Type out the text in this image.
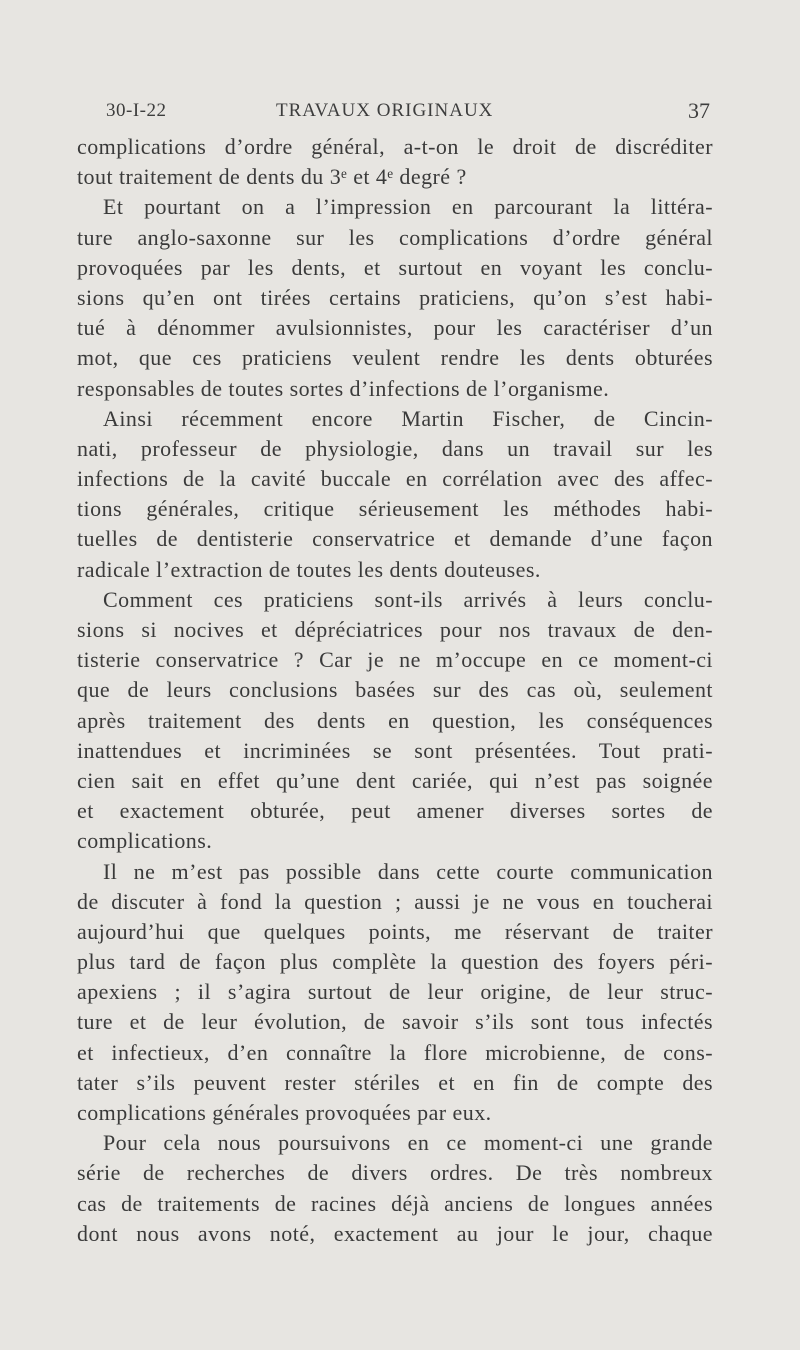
30-I-22	TRAVAUX ORIGINAUX	37
complications d’ordre général, a-t-on le droit de discréditer
tout traitement de dents du 3ᵉ et 4ᵉ degré ?
Et pourtant on a l’impression en parcourant la littéra-
ture anglo-saxonne sur les complications d’ordre général
provoquées par les dents, et surtout en voyant les conclu-
sions qu’en ont tirées certains praticiens, qu’on s’est habi-
tué à dénommer avulsionnistes, pour les caractériser d’un
mot, que ces praticiens veulent rendre les dents obturées
responsables de toutes sortes d’infections de l’organisme.
Ainsi récemment encore Martin Fischer, de Cincin-
nati, professeur de physiologie, dans un travail sur les
infections de la cavité buccale en corrélation avec des affec-
tions générales, critique sérieusement les méthodes habi-
tuelles de dentisterie conservatrice et demande d’une façon
radicale l’extraction de toutes les dents douteuses.
Comment ces praticiens sont-ils arrivés à leurs conclu-
sions si nocives et dépréciatrices pour nos travaux de den-
tisterie conservatrice ? Car je ne m’occupe en ce moment-ci
que de leurs conclusions basées sur des cas où, seulement
après traitement des dents en question, les conséquences
inattendues et incriminées se sont présentées. Tout prati-
cien sait en effet qu’une dent cariée, qui n’est pas soignée
et exactement obturée, peut amener diverses sortes de
complications.
Il ne m’est pas possible dans cette courte communication
de discuter à fond la question ; aussi je ne vous en toucherai
aujourd’hui que quelques points, me réservant de traiter
plus tard de façon plus complète la question des foyers péri-
apexiens ; il s’agira surtout de leur origine, de leur struc-
ture et de leur évolution, de savoir s’ils sont tous infectés
et infectieux, d’en connaître la flore microbienne, de cons-
tater s’ils peuvent rester stériles et en fin de compte des
complications générales provoquées par eux.
Pour cela nous poursuivons en ce moment-ci une grande
série de recherches de divers ordres. De très nombreux
cas de traitements de racines déjà anciens de longues années
dont nous avons noté, exactement au jour le jour, chaque
